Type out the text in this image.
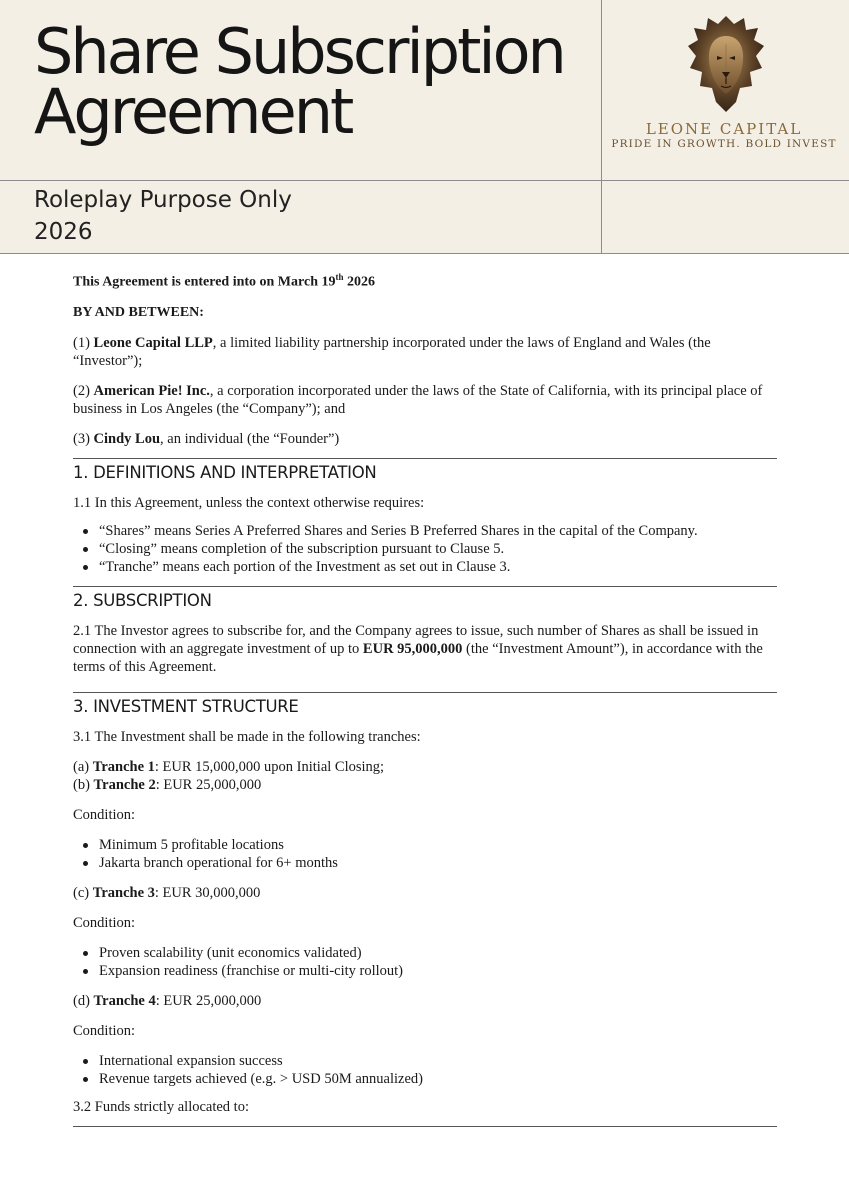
Share Subscription
Agreement
Roleplay Purpose Only
2026
LEONE CAPITAL
PRIDE IN GROWTH. BOLD INVEST

This Agreement is entered into on March 19th 2026

BY AND BETWEEN:

(1) Leone Capital LLP, a limited liability partnership incorporated under the laws of England and Wales (the “Investor”);

(2) American Pie! Inc., a corporation incorporated under the laws of the State of California, with its principal place of business in Los Angeles (the “Company”); and

(3) Cindy Lou, an individual (the “Founder”)

1. DEFINITIONS AND INTERPRETATION

1.1 In this Agreement, unless the context otherwise requires:

“Shares” means Series A Preferred Shares and Series B Preferred Shares in the capital of the Company.
“Closing” means completion of the subscription pursuant to Clause 5.
“Tranche” means each portion of the Investment as set out in Clause 3.
2. SUBSCRIPTION

2.1 The Investor agrees to subscribe for, and the Company agrees to issue, such number of Shares as shall be issued in connection with an aggregate investment of up to EUR 95,000,000 (the “Investment Amount”), in accordance with the terms of this Agreement.

3. INVESTMENT STRUCTURE

3.1 The Investment shall be made in the following tranches:

(a) Tranche 1: EUR 15,000,000 upon Initial Closing;

(b) Tranche 2: EUR 25,000,000

Condition:

Minimum 5 profitable locations
Jakarta branch operational for 6+ months

(c) Tranche 3: EUR 30,000,000

Condition:

Proven scalability (unit economics validated)
Expansion readiness (franchise or multi-city rollout)

(d) Tranche 4: EUR 25,000,000

Condition:

International expansion success
Revenue targets achieved (e.g. > USD 50M annualized)

3.2 Funds strictly allocated to:
